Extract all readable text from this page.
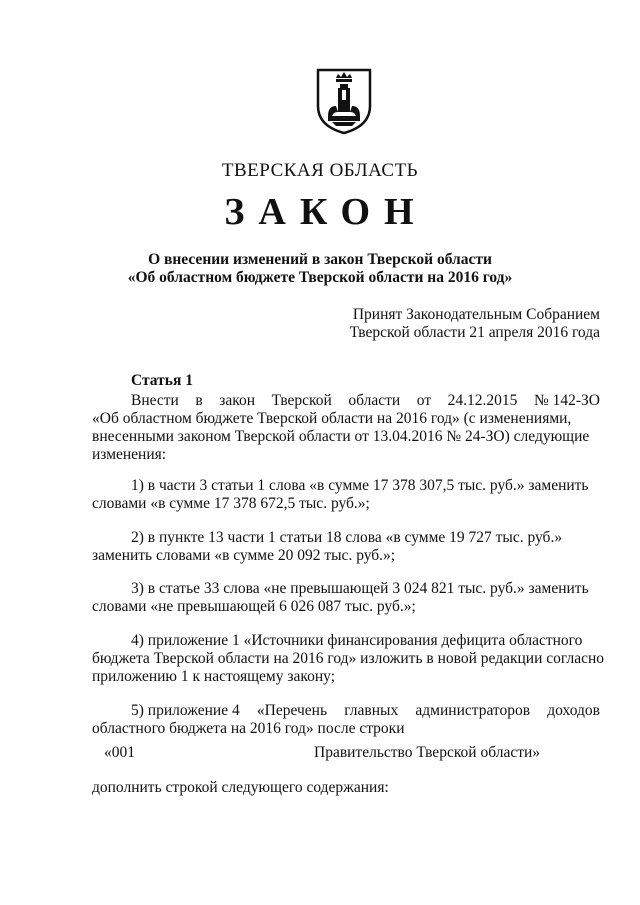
ТВЕРСКАЯ ОБЛАСТЬ
ЗАКОН
О внесении изменений в закон Тверской области
«Об областном бюджете Тверской области на 2016 год»
Принят Законодательным Собранием
Тверской области 21 апреля 2016 года
Статья 1
Внести в закон Тверской области от 24.12.2015 № 142-ЗО
«Об областном бюджете Тверской области на 2016 год» (с изменениями,
внесенными законом Тверской области от 13.04.2016 № 24-ЗО) следующие
изменения:
1) в части 3 статьи 1 слова «в сумме 17 378 307,5 тыс. руб.» заменить
словами «в сумме 17 378 672,5 тыс. руб.»;
2) в пункте 13 части 1 статьи 18 слова «в сумме 19 727 тыс. руб.»
заменить словами «в сумме 20 092 тыс. руб.»;
3) в статье 33 слова «не превышающей 3 024 821 тыс. руб.» заменить
словами «не превышающей 6 026 087 тыс. руб.»;
4) приложение 1 «Источники финансирования дефицита областного
бюджета Тверской области на 2016 год» изложить в новой редакции согласно
приложению 1 к настоящему закону;
5) приложение 4 «Перечень главных администраторов доходов
областного бюджета на 2016 год» после строки
«001	Правительство Тверской области»
дополнить строкой следующего содержания:
